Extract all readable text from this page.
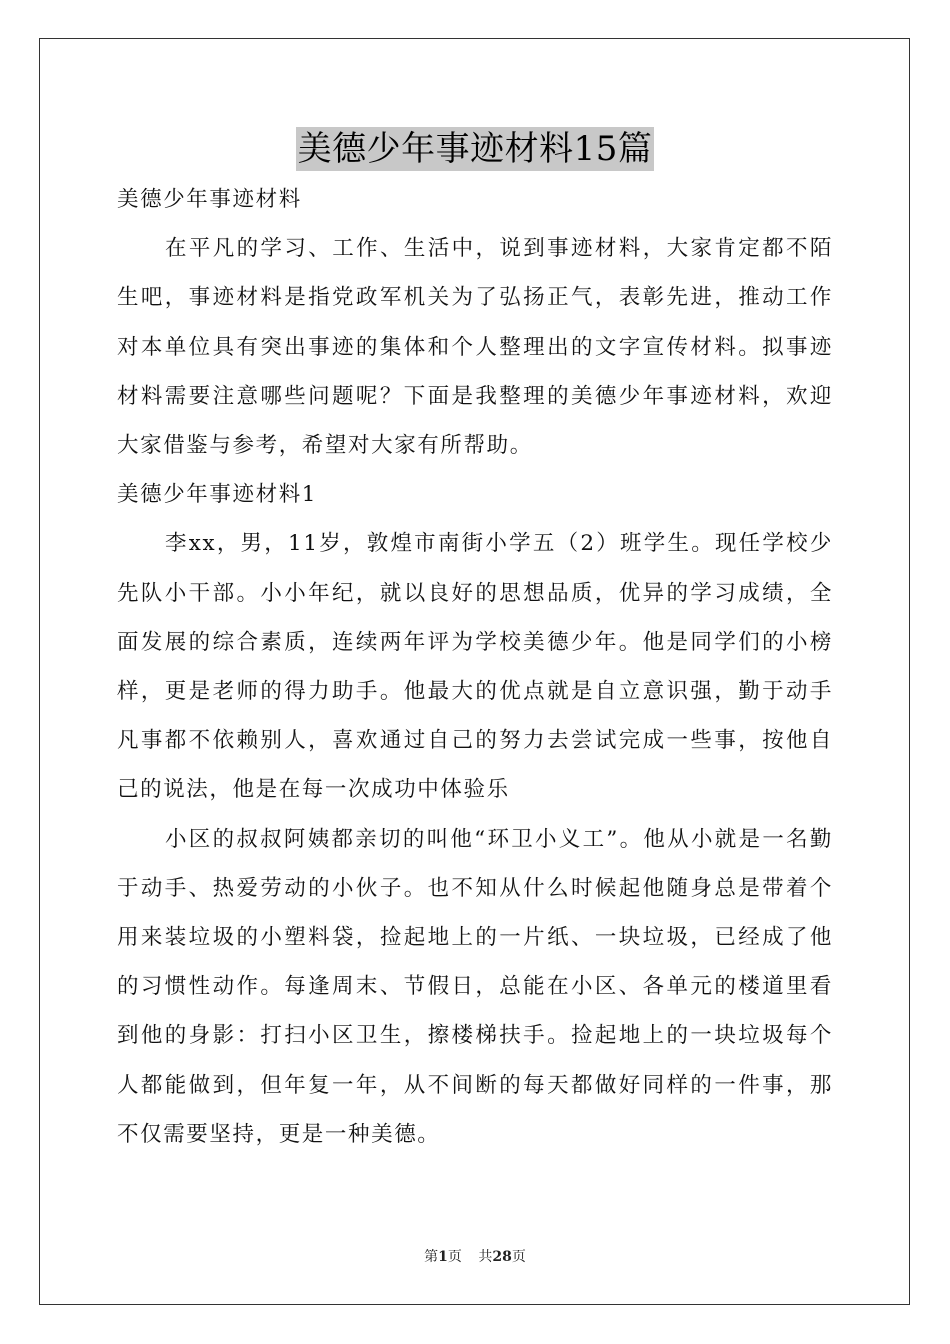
美德少年事迹材料15篇

美德少年事迹材料

在平凡的学习、工作、生活中，说到事迹材料，大家肯定都不陌生吧，事迹材料是指党政军机关为了弘扬正气，表彰先进，推动工作对本单位具有突出事迹的集体和个人整理出的文字宣传材料。拟事迹材料需要注意哪些问题呢？下面是我整理的美德少年事迹材料，欢迎大家借鉴与参考，希望对大家有所帮助。

美德少年事迹材料1

李xx，男，11岁，敦煌市南街小学五（2）班学生。现任学校少先队小干部。小小年纪，就以良好的思想品质，优异的学习成绩，全面发展的综合素质，连续两年评为学校美德少年。他是同学们的小榜样，更是老师的得力助手。他最大的优点就是自立意识强，勤于动手凡事都不依赖别人，喜欢通过自己的努力去尝试完成一些事，按他自己的说法，他是在每一次成功中体验乐

小区的叔叔阿姨都亲切的叫他“环卫小义工”。他从小就是一名勤于动手、热爱劳动的小伙子。也不知从什么时候起他随身总是带着个用来装垃圾的小塑料袋，捡起地上的一片纸、一块垃圾，已经成了他的习惯性动作。每逢周末、节假日，总能在小区、各单元的楼道里看到他的身影：打扫小区卫生，擦楼梯扶手。捡起地上的一块垃圾每个人都能做到，但年复一年，从不间断的每天都做好同样的一件事，那不仅需要坚持，更是一种美德。

第1页 共28页
